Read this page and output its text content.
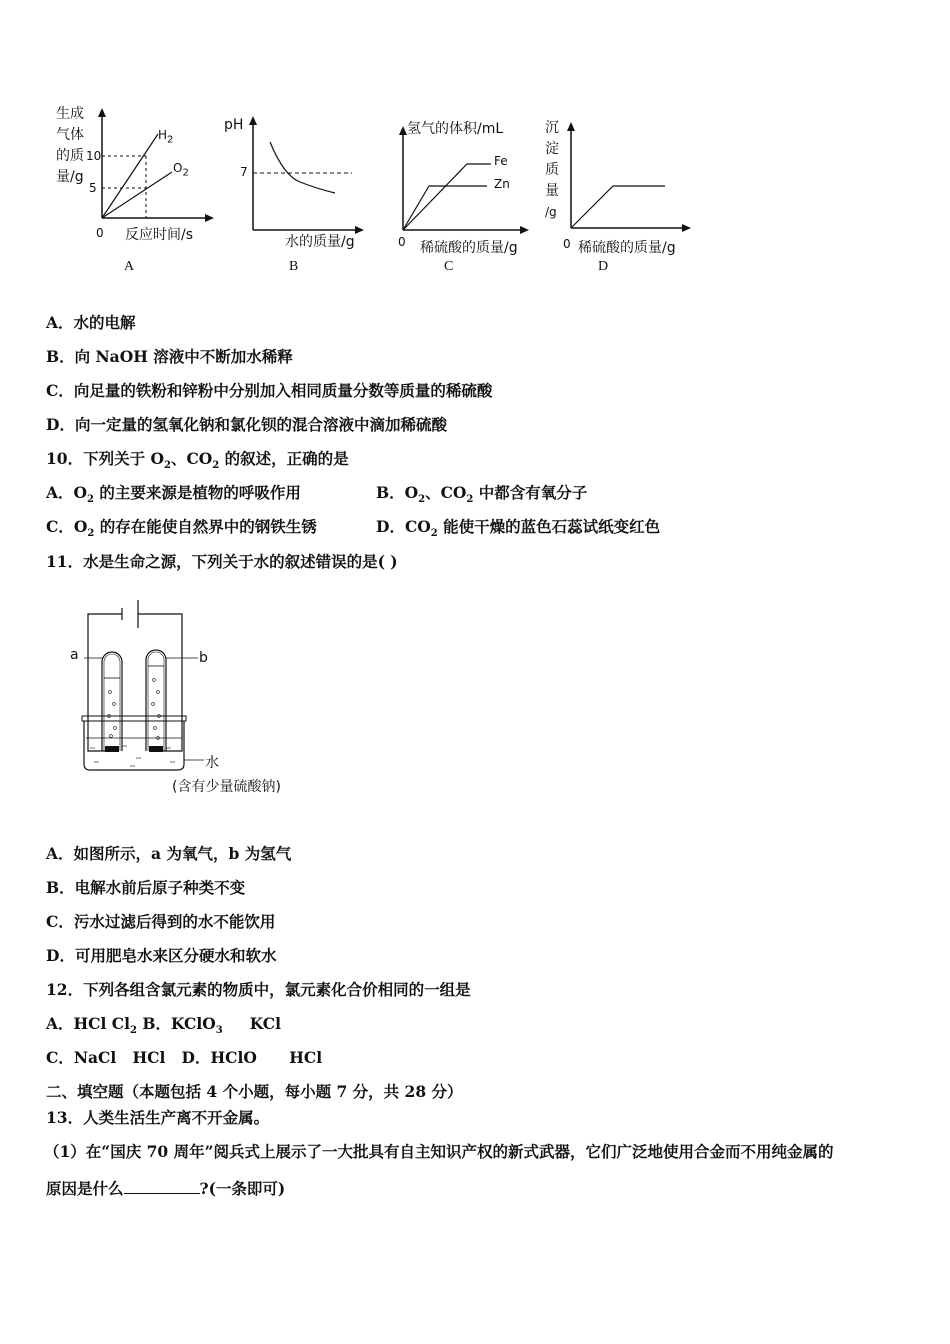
生成
气体
的质
量/g
10
5
0 反应时间/s
$H_2$
$O_2$
A
pH
7
水的质量/g
B
氢气的体积/mL
Fe
Zn
0 稀硫酸的质量/g
C
沉
淀
质
量
/g
0 稀硫酸的质量/g
D
A．水的电解
B．向 NaOH 溶液中不断加水稀释
C．向足量的铁粉和锌粉中分别加入相同质量分数等质量的稀硫酸
D．向一定量的氢氧化钠和氯化钡的混合溶液中滴加稀硫酸
10．下列关于 $O_2$、$CO_2$ 的叙述，正确的是
A．$O_2$ 的主要来源是植物的呼吸作用	B．$O_2$、$CO_2$ 中都含有氧分子
C．$O_2$ 的存在能使自然界中的钢铁生锈	D．$CO_2$ 能使干燥的蓝色石蕊试纸变红色
11．水是生命之源，下列关于水的叙述错误的是( )
a	b
水
(含有少量硫酸钠)
A．如图所示，a 为氧气，b 为氢气
B．电解水前后原子种类不变
C．污水过滤后得到的水不能饮用
D．可用肥皂水来区分硬水和软水
12．下列各组含氯元素的物质中，氯元素化合价相同的一组是
A．HCl $Cl_2$ B．KClO$_3$     KCl
C．NaCl   HCl   D．HClO      HCl
二、填空题（本题包括 4 个小题，每小题 7 分，共 28 分）
13．人类生活生产离不开金属。
（1）在“国庆 70 周年”阅兵式上展示了一大批具有自主知识产权的新式武器，它们广泛地使用合金而不用纯金属的
原因是什么	?(一条即可)
